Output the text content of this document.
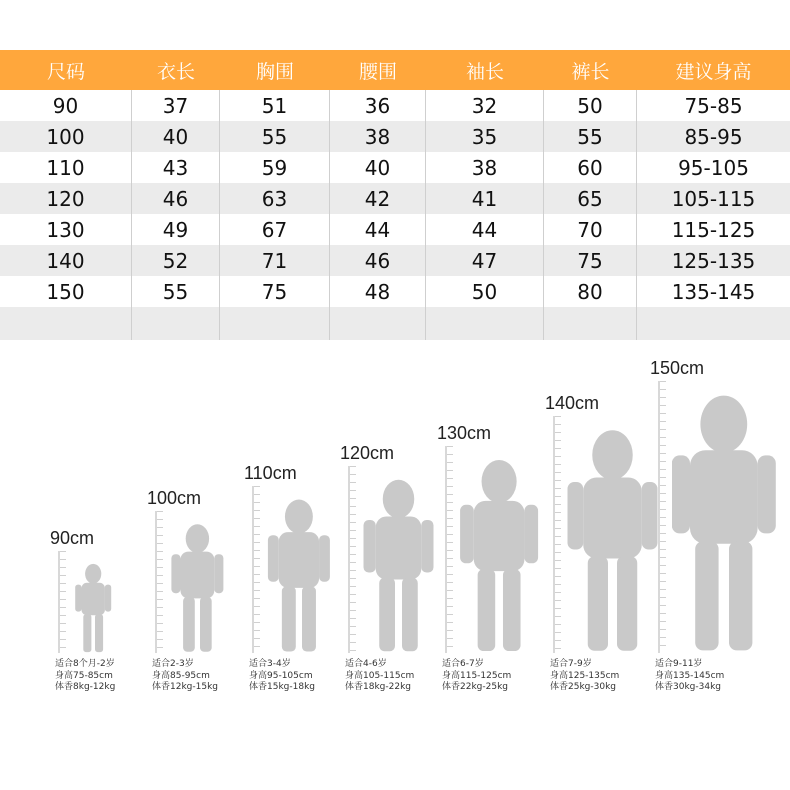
尺码	衣长	胸围	腰围	袖长	裤长	建议身高
90	37	51	36	32	50	75-85
100	40	55	38	35	55	85-95
110	43	59	40	38	60	95-105
120	46	63	42	41	65	105-115
130	49	67	44	44	70	115-125
140	52	71	46	47	75	125-135
150	55	75	48	50	80	135-145
90cm
适合8个月-2岁
身高75-85cm
体香8kg-12kg
100cm
适合2-3岁
身高85-95cm
体香12kg-15kg
110cm
适合3-4岁
身高95-105cm
体香15kg-18kg
120cm
适合4-6岁
身高105-115cm
体香18kg-22kg
130cm
适合6-7岁
身高115-125cm
体香22kg-25kg
140cm
适合7-9岁
身高125-135cm
体香25kg-30kg
150cm
适合9-11岁
身高135-145cm
体香30kg-34kg
